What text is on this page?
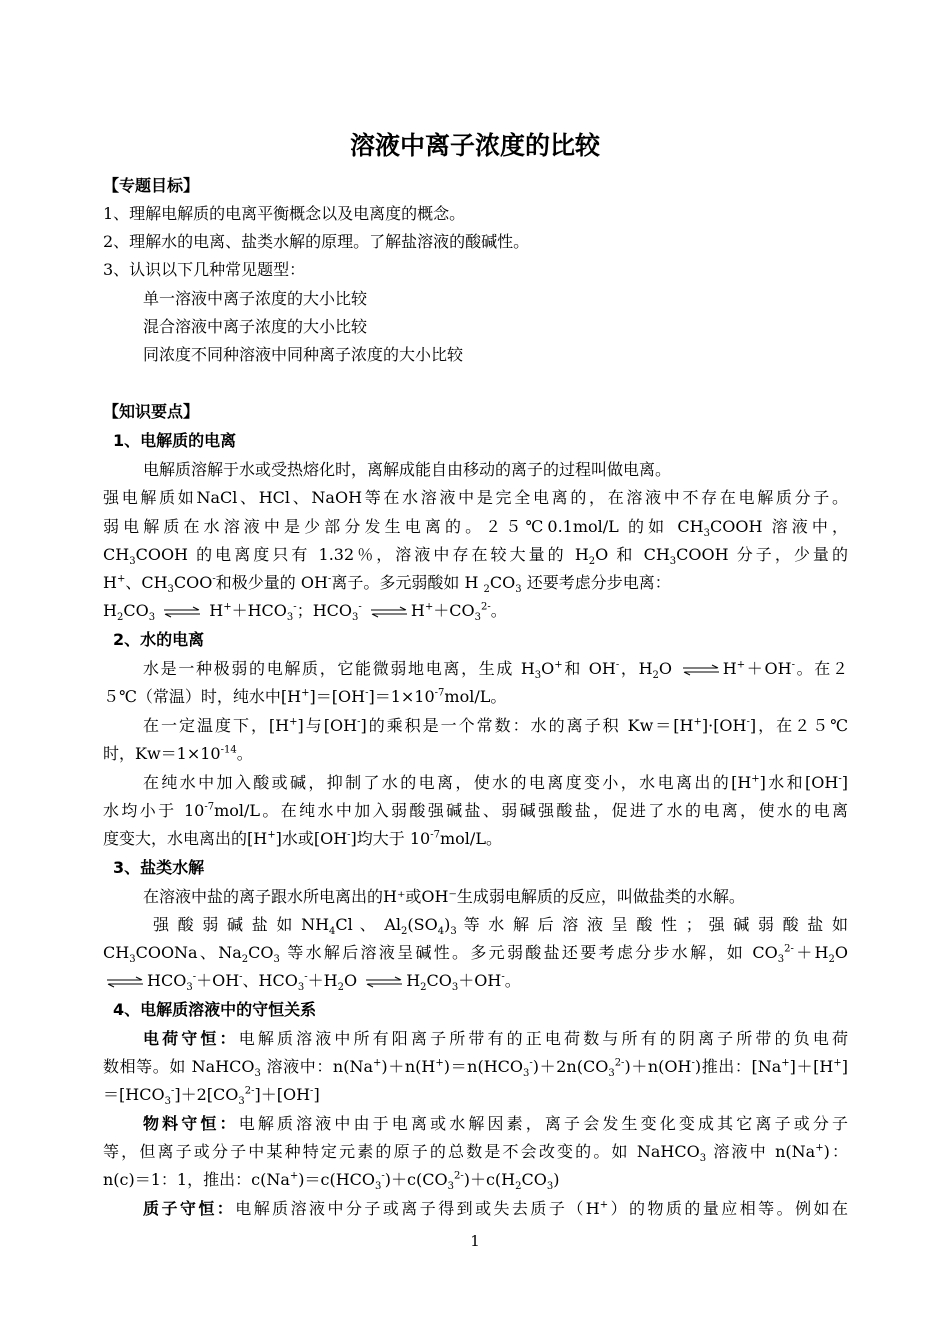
溶液中离子浓度的比较
【专题目标】
1、理解电解质的电离平衡概念以及电离度的概念。
2、理解水的电离、盐类水解的原理。了解盐溶液的酸碱性。
3、认识以下几种常见题型：
单一溶液中离子浓度的大小比较
混合溶液中离子浓度的大小比较
同浓度不同种溶液中同种离子浓度的大小比较
【知识要点】
1、电解质的电离
电解质溶解于水或受热熔化时，离解成能自由移动的离子的过程叫做电离。
强电解质如NaCl、HCl、NaOH等在水溶液中是完全电离的，在溶液中不存在电解质分子。
弱电解质在水溶液中是少部分发生电离的。２５℃0.1mol/L 的如 $CH_3COOH$ 溶液中，
$CH_3COOH$ 的电离度只有 1.32％，溶液中存在较大量的 $H_2O$ 和 $CH_3COOH$ 分子，少量的
H+、$CH_3COO^-$和极少量的 OH-离子。多元弱酸如 H $_2CO_3$ 还要考虑分步电离：
$H_2CO_3$ ⇌ $H^++HCO_3^-$；$HCO_3^-$ ⇌ $H^++CO_3^{2-}$。
2、水的电离
水是一种极弱的电解质，它能微弱地电离，生成 $H_3O^+$和 OH-，$H_2O$ ⇌ H+＋OH-。在２
５℃（常温）时，纯水中$[H^+]=[OH^-]=1\times 10^{-7}mol/L$。
在一定温度下，[H+]与[OH-]的乘积是一个常数：水的离子积 Kw＝[H+]·[OH-]，在２５℃
时，$Kw=1\times 10^{-14}$。
在纯水中加入酸或碱，抑制了水的电离，使水的电离度变小，水电离出的[H+]水和[OH-]
水均小于 $10^{-7}mol/L$。在纯水中加入弱酸强碱盐、弱碱强酸盐，促进了水的电离，使水的电离
度变大，水电离出的[H+]水或[OH-]均大于 $10^{-7}mol/L$。
3、盐类水解
在溶液中盐的离子跟水所电离出的H⁺或OH⁻生成弱电解质的反应，叫做盐类的水解。
强 酸 弱 碱 盐 如 $NH_4Cl$ 、 $Al_2(SO_4)_3$ 等 水 解 后 溶 液 呈 酸 性 ； 强 碱 弱 酸 盐 如
$CH_3COONa$、$Na_2CO_3$ 等水解后溶液呈碱性。多元弱酸盐还要考虑分步水解，如 $CO_3^{2-}+H_2O$
⇌ $HCO_3^-+OH^-$、$HCO_3^-+H_2O$ ⇌ $H_2CO_3+OH^-$。
4、电解质溶液中的守恒关系
电荷守恒：电解质溶液中所有阳离子所带有的正电荷数与所有的阴离子所带的负电荷
数相等。如 NaHCO$_3$ 溶液中：$n(Na^+)+n(H^+)=n(HCO_3^-)+2n(CO_3^{2-})+n(OH^-)$推出：[Na+]＋[H+]
$=[HCO_3^-]+2[CO_3^{2-}]+[OH^-]$
物料守恒：电解质溶液中由于电离或水解因素，离子会发生变化变成其它离子或分子
等，但离子或分子中某种特定元素的原子的总数是不会改变的。如 NaHCO$_3$ 溶液中 n(Na+)：
n(c)＝1：1，推出：$c(Na^+)=c(HCO_3^-)+c(CO_3^{2-})+c(H_2CO_3)$
质子守恒：电解质溶液中分子或离子得到或失去质子（H+）的物质的量应相等。例如在
1
